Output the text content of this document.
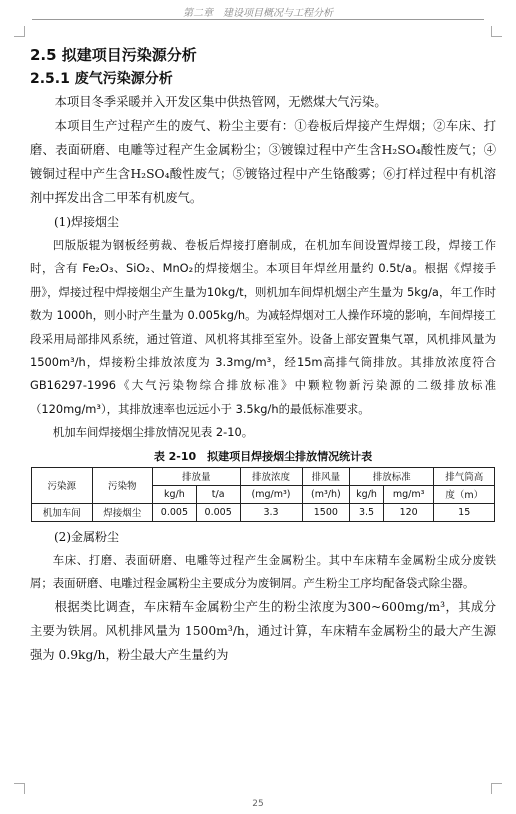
第二章　建设项目概况与工程分析
2.5 拟建项目污染源分析
2.5.1 废气污染源分析

本项目冬季采暖并入开发区集中供热管网，无燃煤大气污染。

本项目生产过程产生的废气、粉尘主要有：①卷板后焊接产生焊烟；②车床、打磨、表面研磨、电雕等过程产生金属粉尘；③镀镍过程中产生含H₂SO₄酸性废气；④镀铜过程中产生含H₂SO₄酸性废气；⑤镀铬过程中产生铬酸雾；⑥打样过程中有机溶剂中挥发出含二甲苯有机废气。

(1)焊接烟尘

凹版版辊为钢板经剪裁、卷板后焊接打磨制成，在机加车间设置焊接工段，焊接工作时，含有 Fe₂O₃、SiO₂、MnO₂的焊接烟尘。本项目年焊丝用量约 0.5t/a。根据《焊接手册》，焊接过程中焊接烟尘产生量为10kg/t，则机加车间焊机烟尘产生量为 5kg/a，年工作时数为 1000h，则小时产生量为 0.005kg/h。为减轻焊烟对工人操作环境的影响，车间焊接工段采用局部排风系统，通过管道、风机将其排至室外。设备上部安置集气罩，风机排风量为 1500m³/h，焊接粉尘排放浓度为 3.3mg/m³，经15m高排气筒排放。其排放浓度符合 GB16297-1996《大气污染物综合排放标准》中颗粒物新污染源的二级排放标准（120mg/m³），其排放速率也远远小于 3.5kg/h的最低标准要求。

机加车间焊接烟尘排放情况见表 2-10。

表 2-10　拟建项目焊接烟尘排放情况统计表
污染源	污染物	排放量		排放浓度	排风量	排放标准		排气筒高
		kg/h	t/a	(mg/m³)	(m³/h)	kg/h	mg/m³	度（m）
机加车间	焊接烟尘	0.005	0.005	3.3	1500	3.5	120	15

(2)金属粉尘

车床、打磨、表面研磨、电雕等过程产生金属粉尘。其中车床精车金属粉尘成分废铁屑；表面研磨、电雕过程金属粉尘主要成分为废铜屑。产生粉尘工序均配备袋式除尘器。

根据类比调查，车床精车金属粉尘产生的粉尘浓度为300~600mg/m³，其成分主要为铁屑。风机排风量为 1500m³/h，通过计算，车床精车金属粉尘的最大产生源强为 0.9kg/h，粉尘最大产生量约为

25
